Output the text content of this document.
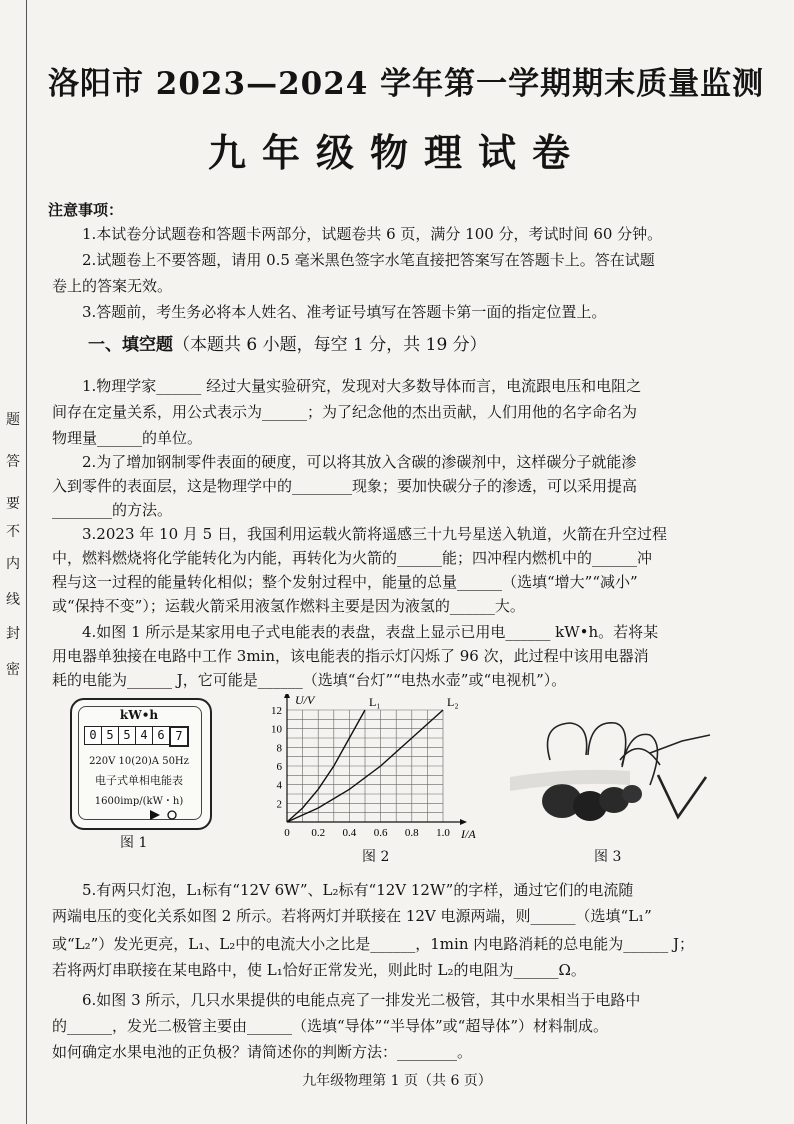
题
答
要
不
内
线
封
密
洛阳市 2023—2024 学年第一学期期末质量监测
九年级物理试卷
注意事项：
1.本试卷分试题卷和答题卡两部分，试题卷共 6 页，满分 100 分，考试时间 60 分钟。
2.试题卷上不要答题，请用 0.5 毫米黑色签字水笔直接把答案写在答题卡上。答在试题
卷上的答案无效。
3.答题前，考生务必将本人姓名、准考证号填写在答题卡第一面的指定位置上。
一、填空题（本题共 6 小题，每空 1 分，共 19 分）
1.物理学家______ 经过大量实验研究，发现对大多数导体而言，电流跟电压和电阻之
间存在定量关系，用公式表示为______；为了纪念他的杰出贡献，人们用他的名字命名为
物理量______的单位。
2.为了增加钢制零件表面的硬度，可以将其放入含碳的渗碳剂中，这样碳分子就能渗
入到零件的表面层，这是物理学中的________现象；要加快碳分子的渗透，可以采用提高
________的方法。
3.2023 年 10 月 5 日，我国利用运载火箭将遥感三十九号星送入轨道，火箭在升空过程
中，燃料燃烧将化学能转化为内能，再转化为火箭的______能；四冲程内燃机中的______冲
程与这一过程的能量转化相似；整个发射过程中，能量的总量______（选填“增大”“减小”
或“保持不变”）；运载火箭采用液氢作燃料主要是因为液氢的______大。
4.如图 1 所示是某家用电子式电能表的表盘，表盘上显示已用电______ kW•h。若将某
用电器单独接在电路中工作 3min，该电能表的指示灯闪烁了 96 次，此过程中该用电器消
耗的电能为______ J，它可能是______（选填“台灯”“电热水壶”或“电视机”）。
kW•h
0 5 5 4 6 7
220V 10(20)A 50Hz
电子式单相电能表
1600imp/(kW・h)
图 1
U/V
I/A
0 0.2 0.4 0.6 0.8 1.0
2
4
6
8
10
12
L₁	L₂
图 2	图 3
5.有两只灯泡，L₁标有“12V 6W”、L₂标有“12V 12W”的字样，通过它们的电流随
两端电压的变化关系如图 2 所示。若将两灯并联接在 12V 电源两端，则______（选填“L₁”
或“L₂”）发光更亮，L₁、L₂中的电流大小之比是______，1min 内电路消耗的总电能为______ J；
若将两灯串联接在某电路中，使 L₁恰好正常发光，则此时 L₂的电阻为______Ω。
6.如图 3 所示，几只水果提供的电能点亮了一排发光二极管，其中水果相当于电路中
的______，发光二极管主要由______（选填“导体”“半导体”或“超导体”）材料制成。
如何确定水果电池的正负极？请简述你的判断方法：________。
九年级物理第 1 页（共 6 页）
